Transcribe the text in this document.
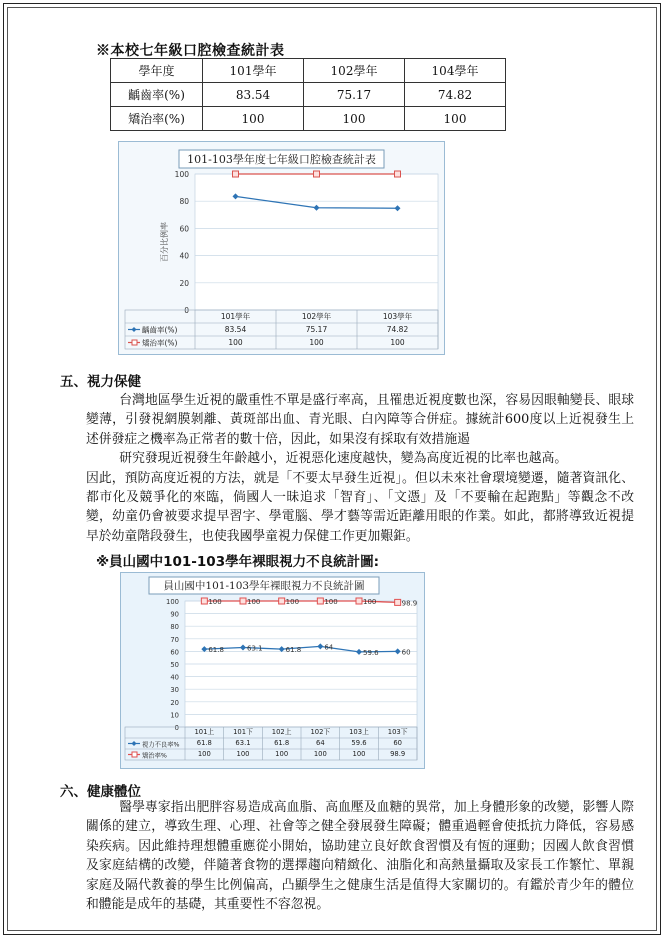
※本校七年級口腔檢查統計表
學年度	101學年	102學年	104學年
齲齒率(%)	83.54	75.17	74.82
矯治率(%)	100	100	100
101-103學年度七年級口腔檢查統計表
0
20
40
60
80
100
百分比例率
101學年	102學年	103學年
齲齒率(%)	83.54	75.17	74.82
矯治率(%)	100	100	100
五、視力保健

台灣地區學生近視的嚴重性不單是盛行率高，且罹患近視度數也深，容易因眼軸變長、眼球變薄，引發視網膜剝離、黃斑部出血、青光眼、白內障等合併症。據統計600度以上近視發生上述併發症之機率為正常者的數十倍，因此，如果沒有採取有效措施遏

研究發現近視發生年齡越小，近視惡化速度越快，變為高度近視的比率也越高。

因此，預防高度近視的方法，就是「不要太早發生近視」。但以未來社會環境變遷，隨著資訊化、都市化及競爭化的來臨，倘國人一昧追求「智育」、「文憑」及「不要輸在起跑點」等觀念不改變，幼童仍會被要求提早習字、學電腦、學才藝等需近距離用眼的作業。如此，都將導致近視提早於幼童階段發生，也使我國學童視力保健工作更加艱鉅。

※員山國中101-103學年裸眼視力不良統計圖:
員山國中101-103學年裸眼視力不良統計圖
0
10
20
30
40
50
60
70
80
90
100
101上	101下	102上	102下	103上	103下
視力不良率%	61.8	63.1	61.8	64	59.6	60
61.8	63.1	61.8	64
59.6	60
矯治率%	100	100	100	100	100	98.9
100	100	100	100	100	98.9
六、健康體位

醫學專家指出肥胖容易造成高血脂、高血壓及血糖的異常，加上身體形象的改變，影響人際關係的建立，導致生理、心理、社會等之健全發展發生障礙；體重過輕會使抵抗力降低，容易感染疾病。因此維持理想體重應從小開始，協助建立良好飲食習慣及有恆的運動；因國人飲食習慣及家庭結構的改變，伴隨著食物的選擇趨向精緻化、油脂化和高熱量攝取及家長工作繁忙、單親家庭及隔代教養的學生比例偏高，凸顯學生之健康生活是值得大家關切的。有鑑於青少年的體位和體能是成年的基礎，其重要性不容忽視。
